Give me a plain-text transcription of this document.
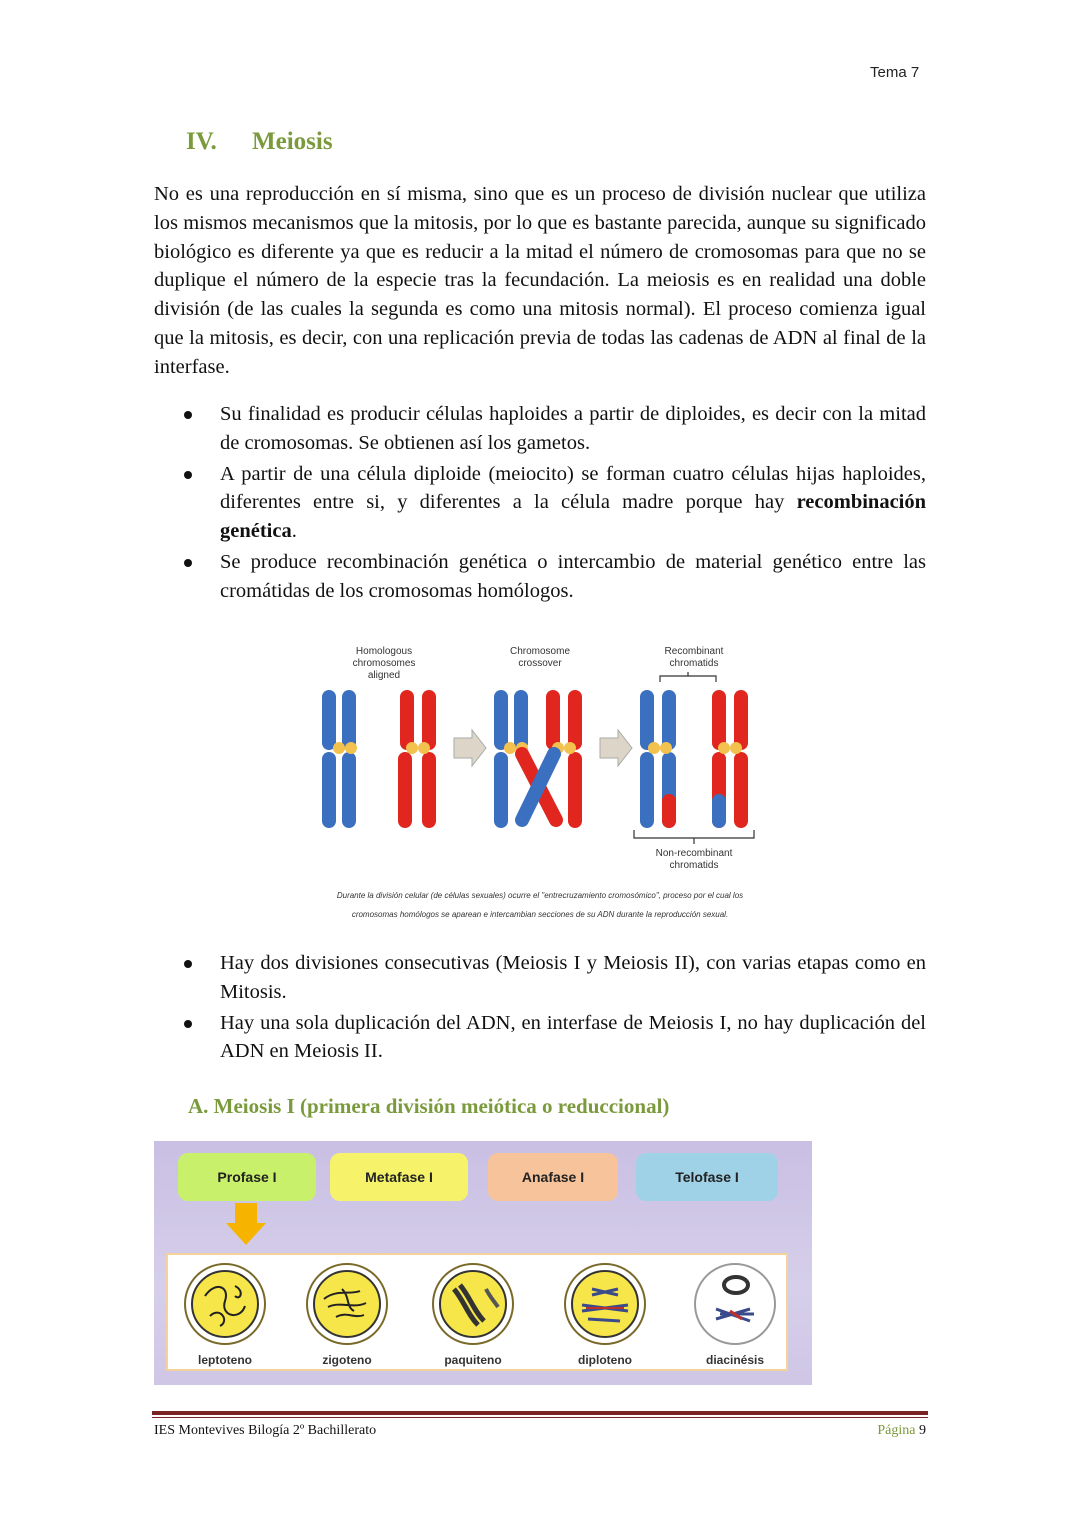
Tema 7
IV. Meiosis
No es una reproducción en sí misma, sino que es un proceso de división nuclear que utiliza los mismos mecanismos que la mitosis, por lo que es bastante parecida, aunque su significado biológico es diferente ya que es reducir a la mitad el número de cromosomas para que no se duplique el número de la especie tras la fecundación. La meiosis es en realidad una doble división (de las cuales la segunda es como una mitosis normal). El proceso comienza igual que la mitosis, es decir, con una replicación previa de todas las cadenas de ADN al final de la interfase.
Su finalidad es producir células haploides a partir de diploides, es decir con la mitad de cromosomas. Se obtienen así los gametos.
A partir de una célula diploide (meiocito) se forman cuatro células hijas haploides, diferentes entre si, y diferentes a la célula madre porque hay recombinación genética.
Se produce recombinación genética o intercambio de material genético entre las cromátidas de los cromosomas homólogos.
Homologous
chromosomes
aligned
Chromosome
crossover
Recombinant
chromatids
Non-recombinant
chromatids
Durante la división celular (de células sexuales) ocurre el "entrecruzamiento cromosómico", proceso por el cual los
cromosomas homólogos se aparean e intercambian secciones de su ADN durante la reproducción sexual.
Hay dos divisiones consecutivas (Meiosis I y Meiosis II), con varias etapas como en Mitosis.
Hay una sola duplicación del ADN, en interfase de Meiosis I, no hay duplicación del ADN en Meiosis II.
A. Meiosis I (primera división meiótica o reduccional)
Profase I	Metafase I	Anafase I	Telofase I
leptoteno	zigoteno	paquiteno	diploteno	diacinésis
IES Montevives Bilogía 2º Bachillerato	Página 9
